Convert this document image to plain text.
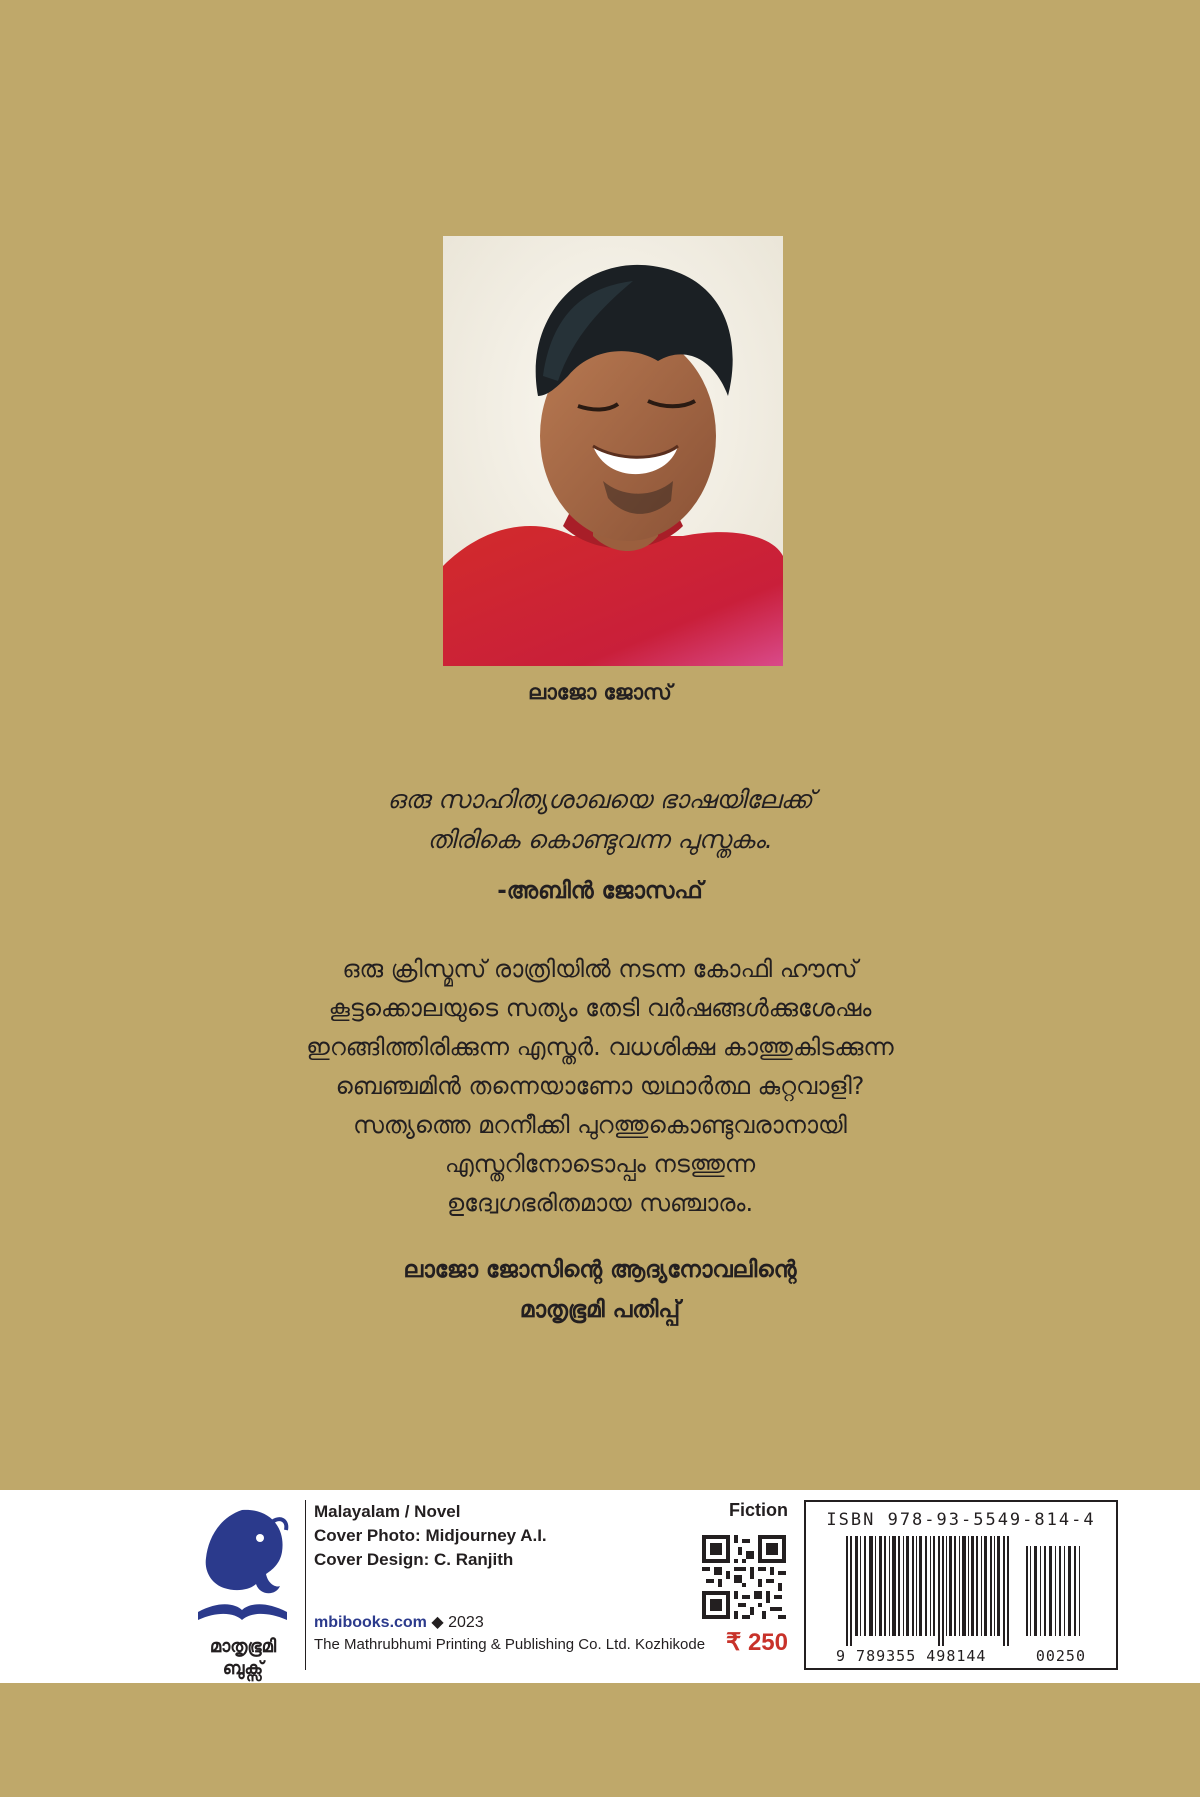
ലാജോ ജോസ്
ഒരു സാഹിത്യശാഖയെ ഭാഷയിലേക്ക്
തിരികെ കൊണ്ടുവന്ന പുസ്തകം.
-അബിൻ ജോസഫ്
ഒരു ക്രിസ്മസ് രാത്രിയിൽ നടന്ന കോഫി ഹൗസ്
കൂട്ടക്കൊലയുടെ സത്യം തേടി വർഷങ്ങൾക്കുശേഷം
ഇറങ്ങിത്തിരിക്കുന്ന എസ്തർ. വധശിക്ഷ കാത്തുകിടക്കുന്ന
ബെഞ്ചമിൻ തന്നെയാണോ യഥാർത്ഥ കുറ്റവാളി?
സത്യത്തെ മറനീക്കി പുറത്തുകൊണ്ടുവരാനായി
എസ്തറിനോടൊപ്പം നടത്തുന്ന
ഉദ്വേഗഭരിതമായ സഞ്ചാരം.
ലാജോ ജോസിന്റെ ആദ്യനോവലിന്റെ
മാതൃഭൂമി പതിപ്പ്
മാതൃഭൂമി
ബുക്സ്
Malayalam / Novel
Cover Photo: Midjourney A.I.
Cover Design: C. Ranjith
mbibooks.com ◆ 2023
The Mathrubhumi Printing & Publishing Co. Ltd. Kozhikode
Fiction
₹ 250
ISBN 978-93-5549-814-4
9 789355 498144	00250
